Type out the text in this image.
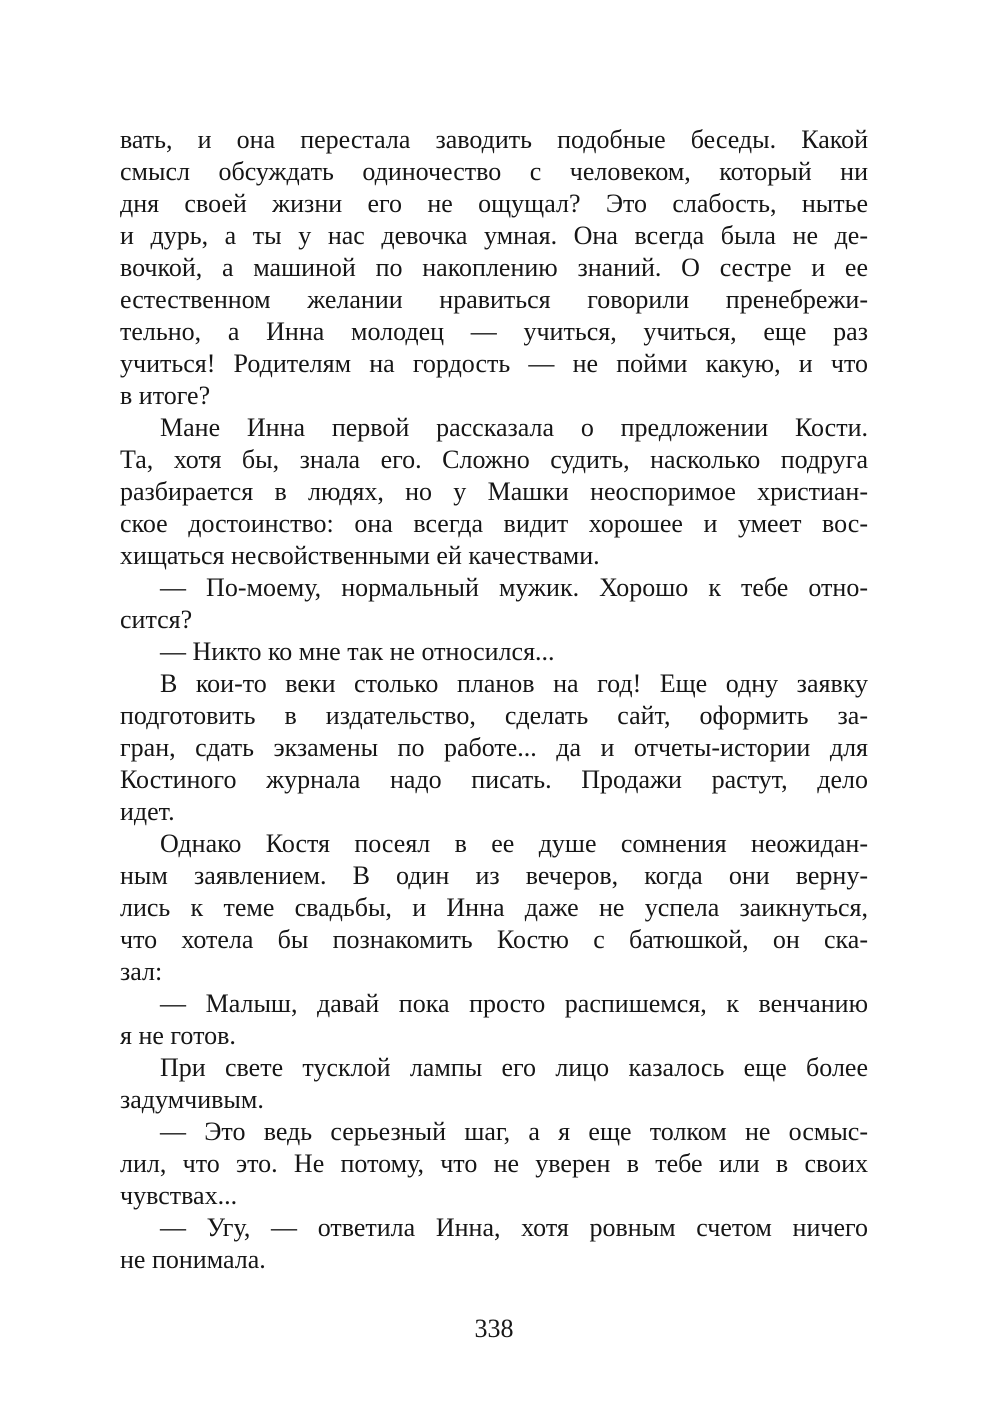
вать, и она перестала заводить подобные беседы. Какой
смысл обсуждать одиночество с человеком, который ни
дня своей жизни его не ощущал? Это слабость, нытье
и дурь, а ты у нас девочка умная. Она всегда была не де-
вочкой, а машиной по накоплению знаний. О сестре и ее
естественном желании нравиться говорили пренебрежи-
тельно, а Инна молодец — учиться, учиться, еще раз
учиться! Родителям на гордость — не пойми какую, и что
в итоге?
Мане Инна первой рассказала о предложении Кости.
Та, хотя бы, знала его. Сложно судить, насколько подруга
разбирается в людях, но у Машки неоспоримое христиан-
ское достоинство: она всегда видит хорошее и умеет вос-
хищаться несвойственными ей качествами.
— По-моему, нормальный мужик. Хорошо к тебе отно-
сится?
— Никто ко мне так не относился...
В кои-то веки столько планов на год! Еще одну заявку
подготовить в издательство, сделать сайт, оформить за-
гран, сдать экзамены по работе... да и отчеты-истории для
Костиного журнала надо писать. Продажи растут, дело
идет.
Однако Костя посеял в ее душе сомнения неожидан-
ным заявлением. В один из вечеров, когда они верну-
лись к теме свадьбы, и Инна даже не успела заикнуться,
что хотела бы познакомить Костю с батюшкой, он ска-
зал:
— Малыш, давай пока просто распишемся, к венчанию
я не готов.
При свете тусклой лампы его лицо казалось еще более
задумчивым.
— Это ведь серьезный шаг, а я еще толком не осмыс-
лил, что это. Не потому, что не уверен в тебе или в своих
чувствах...
— Угу, — ответила Инна, хотя ровным счетом ничего
не понимала.
338
